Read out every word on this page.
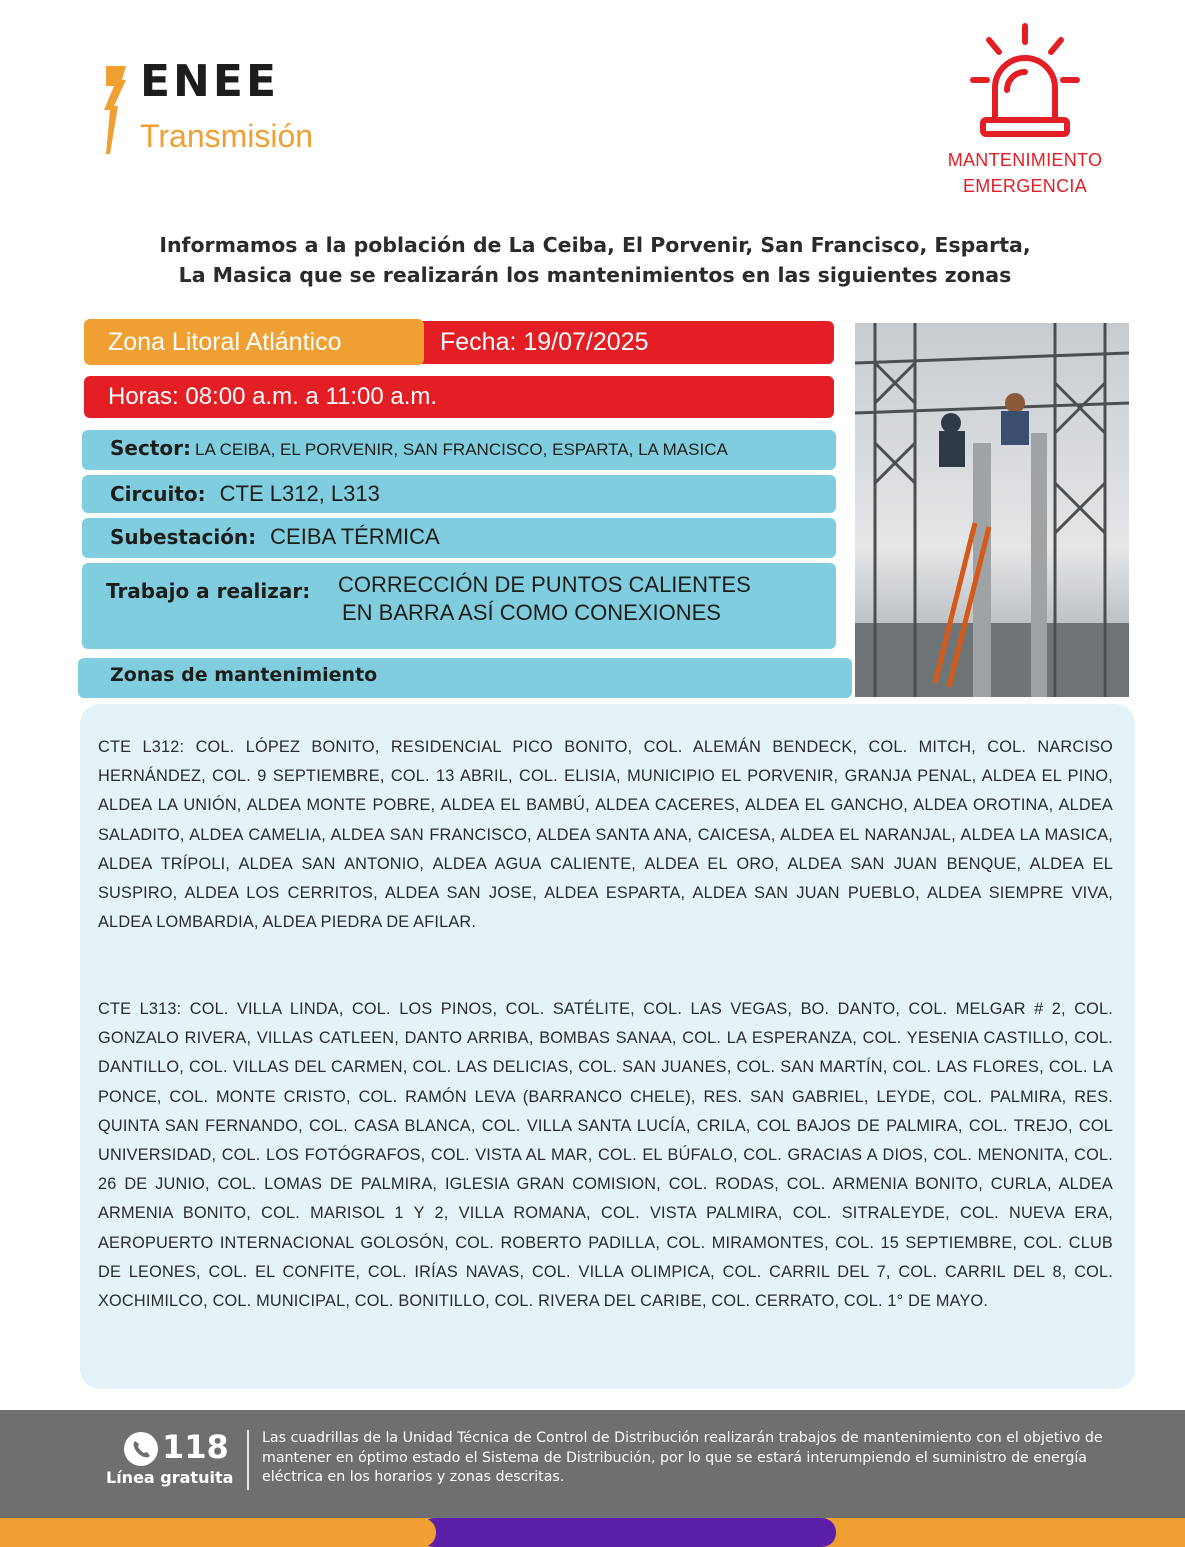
ENEE
Transmisión
MANTENIMIENTO
EMERGENCIA
Informamos a la población de La Ceiba, El Porvenir, San Francisco, Esparta,
La Masica que se realizarán los mantenimientos en las siguientes zonas
Fecha: 19/07/2025
Zona Litoral Atlántico
Horas: 08:00 a.m. a 11:00 a.m.
Sector: LA CEIBA, EL PORVENIR, SAN FRANCISCO, ESPARTA, LA MASICA
Circuito: CTE L312, L313
Subestación: CEIBA TÉRMICA
Trabajo a realizar: CORRECCIÓN DE PUNTOS CALIENTES
EN BARRA ASÍ COMO CONEXIONES
Zonas de mantenimiento
CTE L312: COL. LÓPEZ BONITO, RESIDENCIAL PICO BONITO, COL. ALEMÁN BENDECK, COL. MITCH, COL. NARCISO HERNÁNDEZ, COL. 9 SEPTIEMBRE, COL. 13 ABRIL, COL. ELISIA, MUNICIPIO EL PORVENIR, GRANJA PENAL, ALDEA EL PINO, ALDEA LA UNIÓN, ALDEA MONTE POBRE, ALDEA EL BAMBÚ, ALDEA CACERES, ALDEA EL GANCHO, ALDEA OROTINA, ALDEA SALADITO, ALDEA CAMELIA, ALDEA SAN FRANCISCO, ALDEA SANTA ANA, CAICESA, ALDEA EL NARANJAL, ALDEA LA MASICA, ALDEA TRÍPOLI, ALDEA SAN ANTONIO, ALDEA AGUA CALIENTE, ALDEA EL ORO, ALDEA SAN JUAN BENQUE, ALDEA EL SUSPIRO, ALDEA LOS CERRITOS, ALDEA SAN JOSE, ALDEA ESPARTA, ALDEA SAN JUAN PUEBLO, ALDEA SIEMPRE VIVA, ALDEA LOMBARDIA, ALDEA PIEDRA DE AFILAR.
CTE L313: COL. VILLA LINDA, COL. LOS PINOS, COL. SATÉLITE, COL. LAS VEGAS, BO. DANTO, COL. MELGAR # 2, COL. GONZALO RIVERA, VILLAS CATLEEN, DANTO ARRIBA, BOMBAS SANAA, COL. LA ESPERANZA, COL. YESENIA CASTILLO, COL. DANTILLO, COL. VILLAS DEL CARMEN, COL. LAS DELICIAS, COL. SAN JUANES, COL. SAN MARTÍN, COL. LAS FLORES, COL. LA PONCE, COL. MONTE CRISTO, COL. RAMÓN LEVA (BARRANCO CHELE), RES. SAN GABRIEL, LEYDE, COL. PALMIRA, RES. QUINTA SAN FERNANDO, COL. CASA BLANCA, COL. VILLA SANTA LUCÍA, CRILA, COL BAJOS DE PALMIRA, COL. TREJO, COL UNIVERSIDAD, COL. LOS FOTÓGRAFOS, COL. VISTA AL MAR, COL. EL BÚFALO, COL. GRACIAS A DIOS, COL. MENONITA, COL. 26 DE JUNIO, COL. LOMAS DE PALMIRA, IGLESIA GRAN COMISION, COL. RODAS, COL. ARMENIA BONITO, CURLA, ALDEA ARMENIA BONITO, COL. MARISOL 1 Y 2, VILLA ROMANA, COL. VISTA PALMIRA, COL. SITRALEYDE, COL. NUEVA ERA, AEROPUERTO INTERNACIONAL GOLOSÓN, COL. ROBERTO PADILLA, COL. MIRAMONTES, COL. 15 SEPTIEMBRE, COL. CLUB DE LEONES, COL. EL CONFITE, COL. IRÍAS NAVAS, COL. VILLA OLIMPICA, COL. CARRIL DEL 7, COL. CARRIL DEL 8, COL. XOCHIMILCO, COL. MUNICIPAL, COL. BONITILLO, COL. RIVERA DEL CARIBE, COL. CERRATO, COL. 1° DE MAYO.
118
Línea gratuita
Las cuadrillas de la Unidad Técnica de Control de Distribución realizarán trabajos de mantenimiento con el objetivo de mantener en óptimo estado el Sistema de Distribución, por lo que se estará interumpiendo el suministro de energía eléctrica en los horarios y zonas descritas.
